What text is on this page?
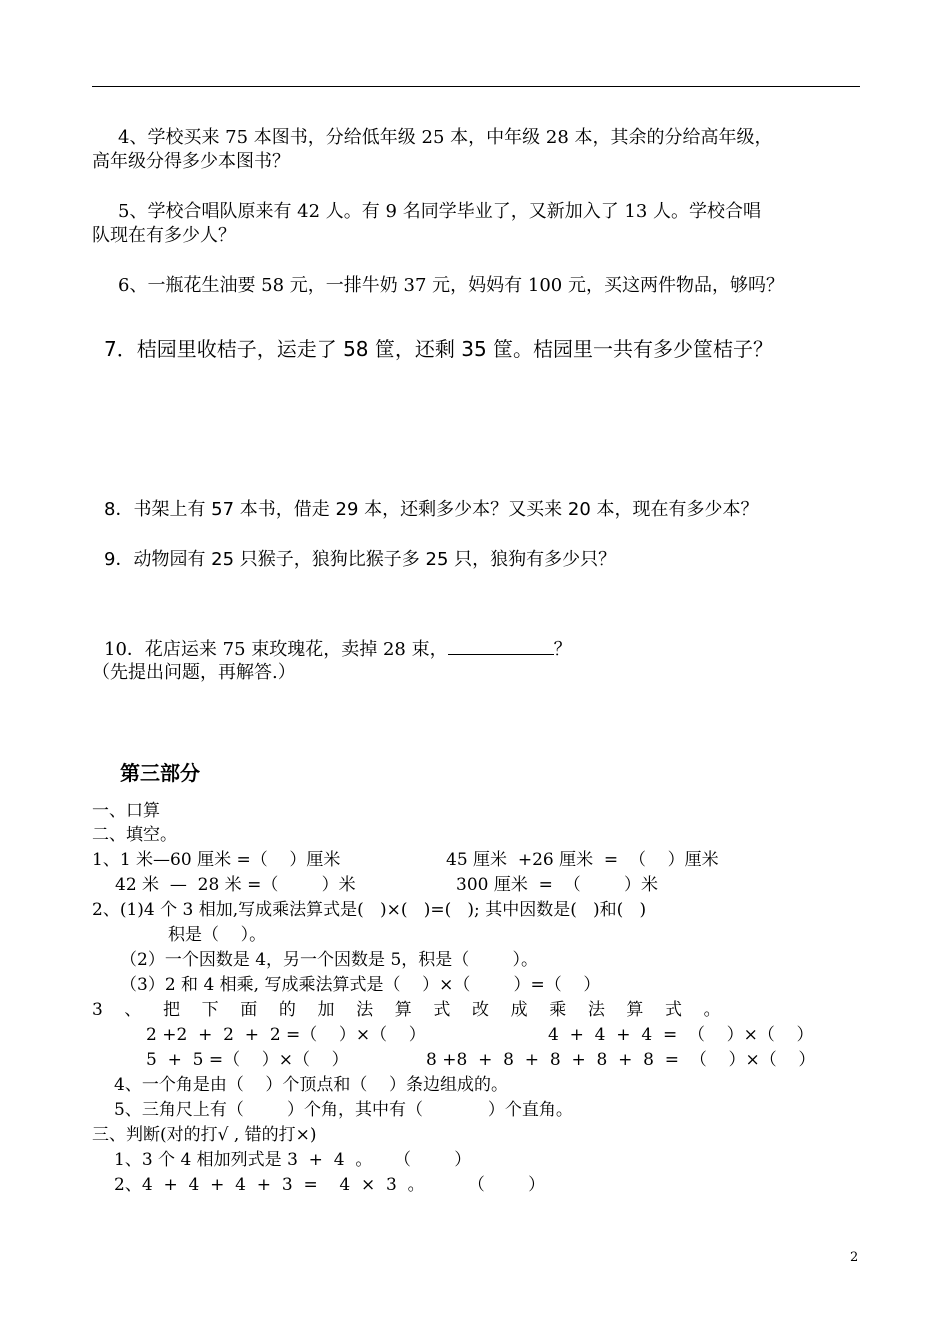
4、学校买来 75 本图书，分给低年级 25 本，中年级 28 本，其余的分给高年级，
高年级分得多少本图书？
5、学校合唱队原来有 42 人。有 9 名同学毕业了，又新加入了 13 人。学校合唱
队现在有多少人？
6、一瓶花生油要 58 元，一排牛奶 37 元，妈妈有 100 元，买这两件物品，够吗？
7．桔园里收桔子，运走了 58 筐，还剩 35 筐。桔园里一共有多少筐桔子？
8．书架上有 57 本书，借走 29 本，还剩多少本？又买来 20 本，现在有多少本？
9．动物园有 25 只猴子，狼狗比猴子多 25 只，狼狗有多少只？
10．花店运来 75 束玫瑰花，卖掉 28 束，	？
（先提出问题，再解答.）
第三部分
一、口算
二、填空。
1、1 米—60 厘米 =（    ）厘米	45 厘米  +26 厘米  =  （    ）厘米
42 米  —  28 米 =（        ）米	300 厘米  =  （        ）米
2、(1)4 个 3 相加,写成乘法算式是(   )×(   )=(   ); 其中因数是(   )和(   )
积是（    ）。
（2）一个因数是 4，另一个因数是 5，积是（        ）。
（3）2 和 4 相乘, 写成乘法算式是（    ）×（        ）=（    ）
3    、    把    下    面    的    加    法    算    式    改    成    乘    法    算    式    。
2 +2  +  2  +  2 =（    ）×（    ）	4  +  4  +  4  =  （    ）×（    ）
5  +  5 =（    ）×（    ）	8 +8  +  8  +  8  +  8  +  8  =  （    ）×（    ）
4、一个角是由（    ）个顶点和（    ）条边组成的。
5、三角尺上有（        ）个角，其中有（            ）个直角。
三、判断(对的打√ , 错的打×)
1、3 个 4 相加列式是 3  +  4  。    （        ）
2、4  +  4  +  4  +  3  =    4  ×  3  。        （        ）
2
